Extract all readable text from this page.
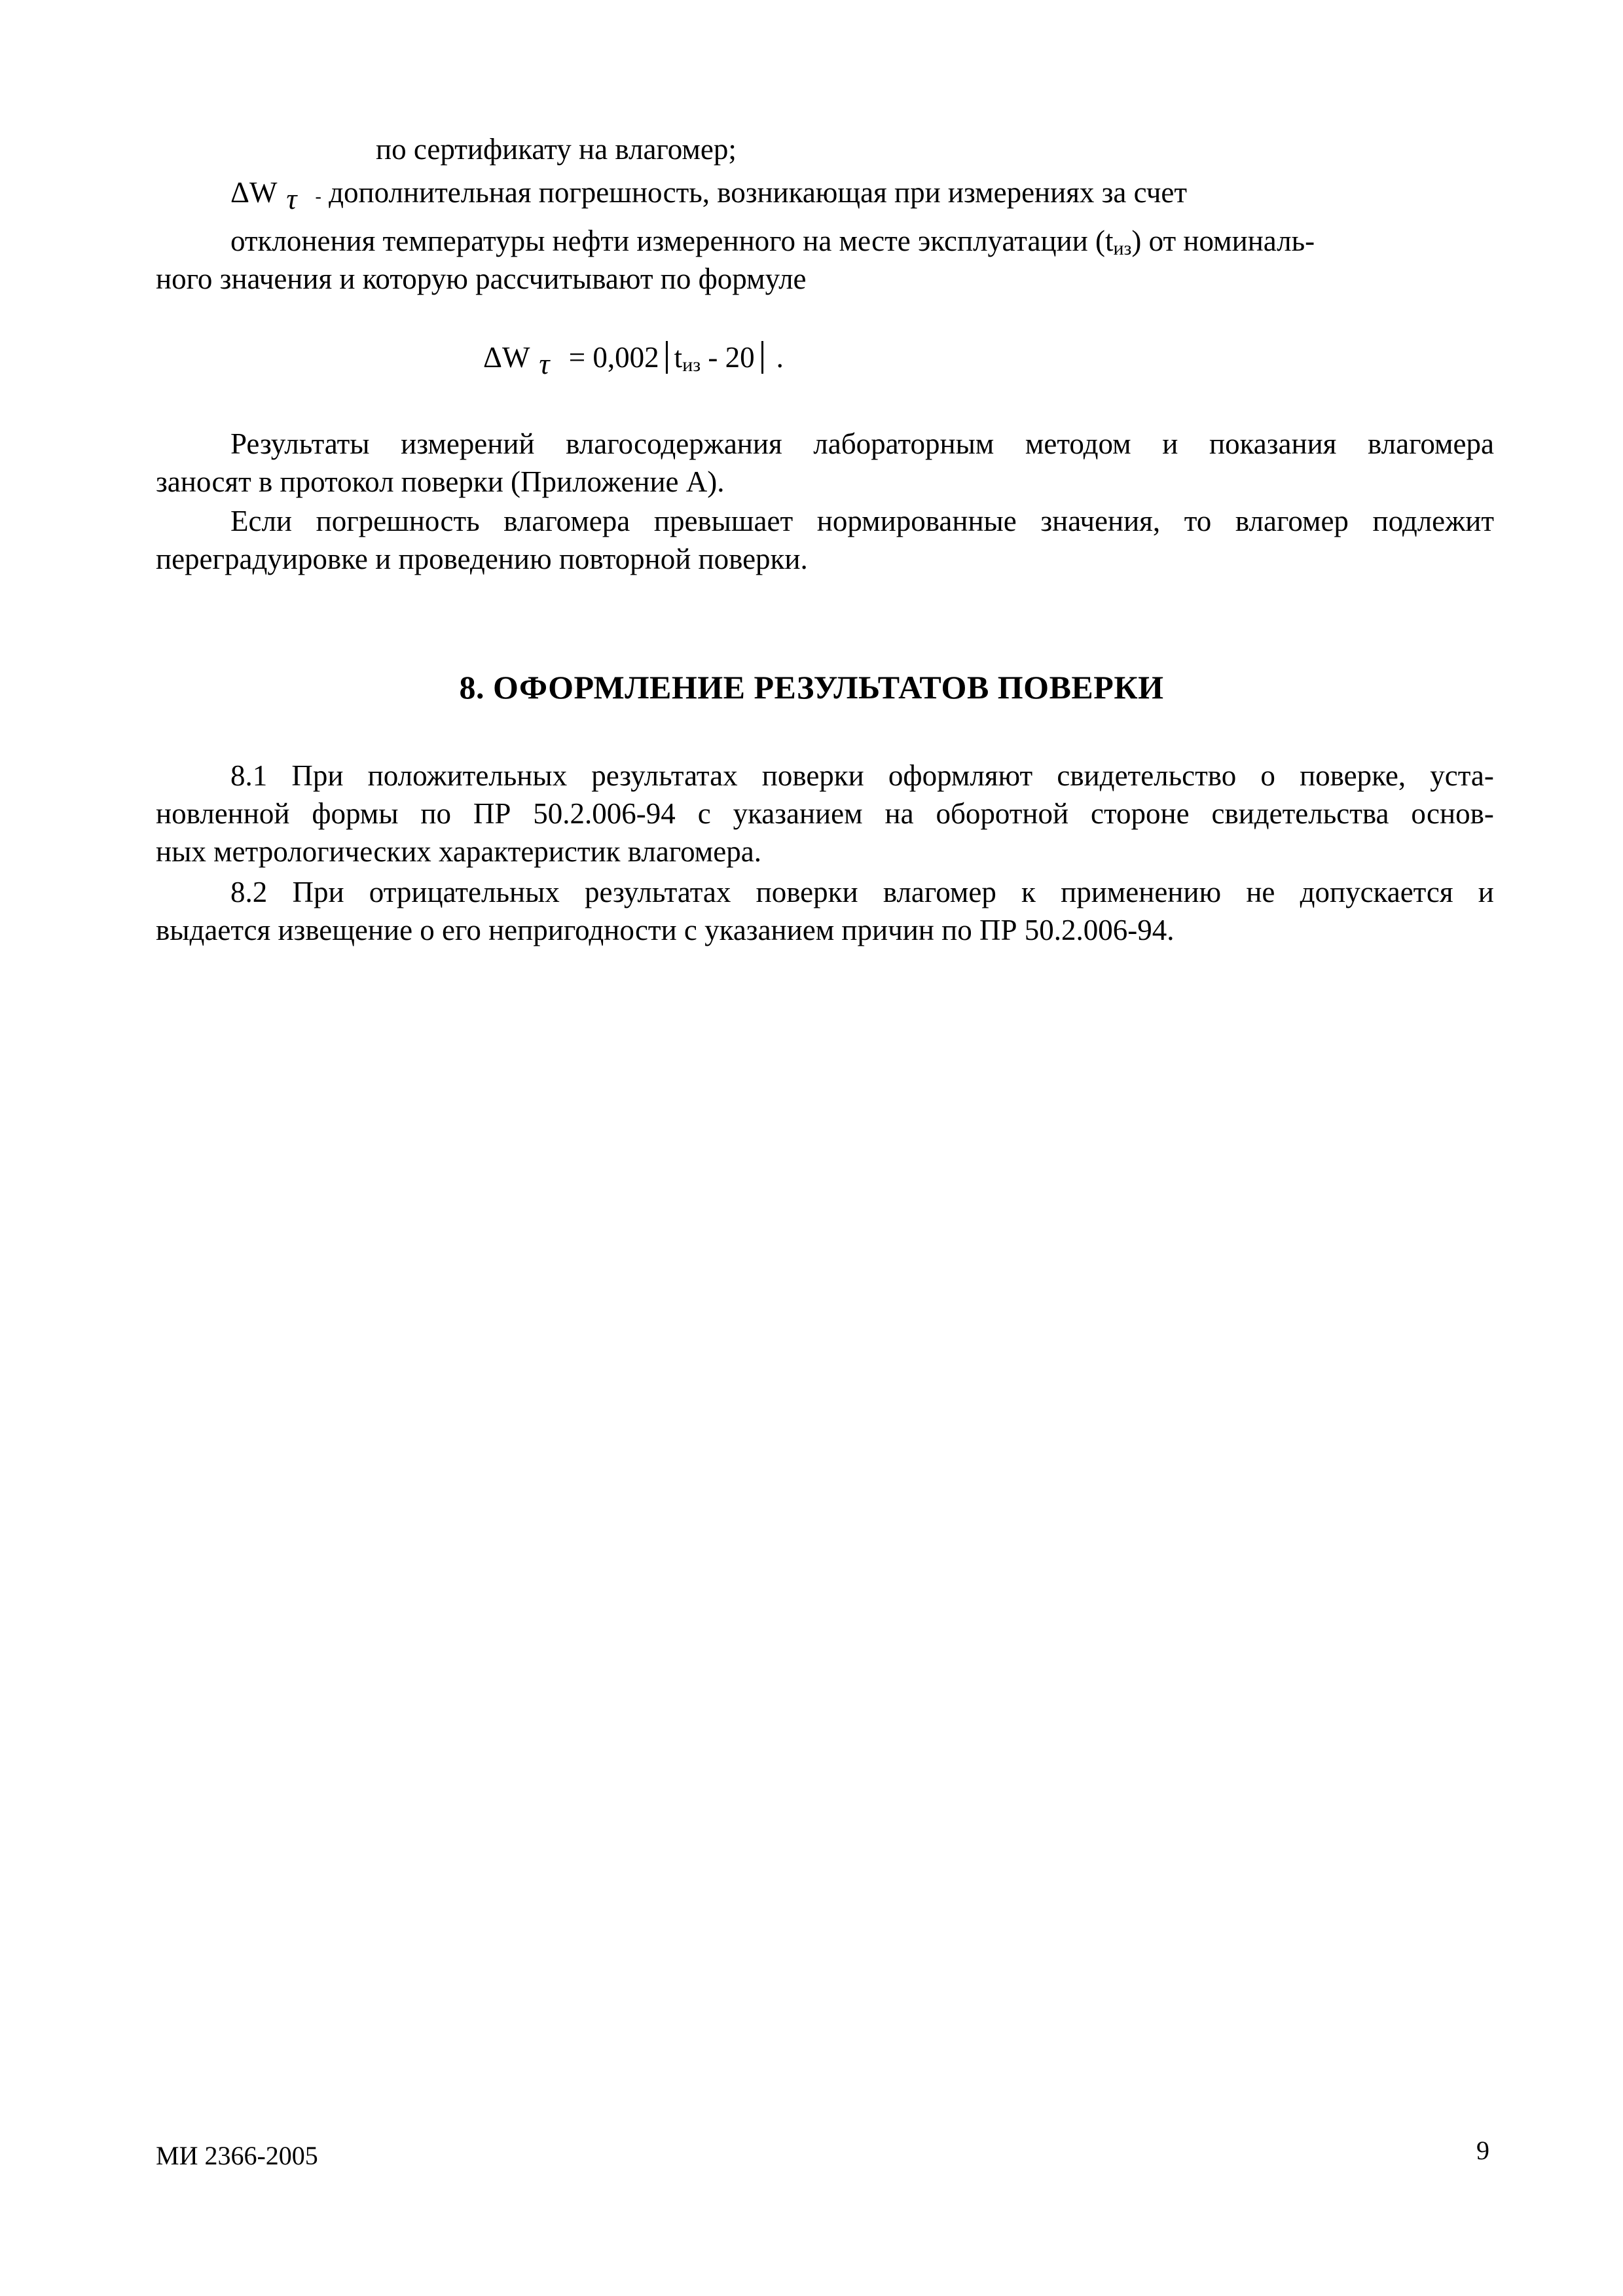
по сертификату на влагомер;
ΔW τ - дополнительная погрешность, возникающая при измерениях за счет
отклонения температуры нефти измеренного на месте эксплуатации $(t_{из})$ от номиналь-
ного значения и которую рассчитывают по формуле
ΔW τ = 0,002 $t_{из} - 20$ .
Результаты измерений влагосодержания лабораторным методом и показания влагомера
заносят в протокол поверки (Приложение А).
Если погрешность влагомера превышает нормированные значения, то влагомер подлежит
переградуировке и проведению повторной поверки.
8. ОФОРМЛЕНИЕ РЕЗУЛЬТАТОВ ПОВЕРКИ
8.1 При положительных результатах поверки оформляют свидетельство о поверке, уста-
новленной формы по ПР 50.2.006-94 с указанием на оборотной стороне свидетельства основ-
ных метрологических характеристик влагомера.
8.2 При отрицательных результатах поверки влагомер к применению не допускается и
выдается извещение о его непригодности с указанием причин по ПР 50.2.006-94.
МИ 2366-2005	9
